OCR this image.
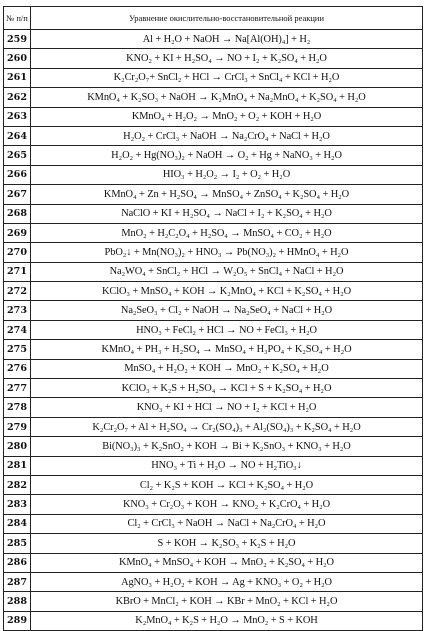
№ п/п	Уравнение окислительно-восстановительной реакции
259	Al + H₂O + NaOH → Na[Al(OH)₄] + H₂
260	KNO₂ + KI + H₂SO₄ → NO + I₂ + K₂SO₄ + H₂O
261	K₂Cr₂O₇+ SnCl₂ + HCl → CrCl₃ + SnCl₄ + KCl + H₂O
262	KMnO₄ + K₂SO₃ + NaOH → K₂MnO₄ + Na₂MnO₄ + K₂SO₄ + H₂O
263	KMnO₄ + H₂O₂ → MnO₂ + O₂ + KOH + H₂O
264	H₂O₂ + CrCl₃ + NaOH → Na₂CrO₄ + NaCl + H₂O
265	H₂O₂ + Hg(NO₃)₂ + NaOH → O₂ + Hg + NaNO₃ + H₂O
266	HIO₃ + H₂O₂ → I₂ + O₂ + H₂O
267	KMnO₄ + Zn + H₂SO₄ → MnSO₄ + ZnSO₄ + K₂SO₄ + H₂O
268	NaClO + KI + H₂SO₄ → NaCl + I₂ + K₂SO₄ + H₂O
269	MnO₂ + H₂C₂O₄ + H₂SO₄ → MnSO₄ + CO₂ + H₂O
270	PbO₂↓ + Mn(NO₃)₂ + HNO₃ → Pb(NO₃)₂ + HMnO₄ + H₂O
271	Na₂WO₄ + SnCl₂ + HCl → W₂O₅ + SnCl₄ + NaCl + H₂O
272	KClO₃ + MnSO₄ + KOH → K₂MnO₄ + KCl + K₂SO₄ + H₂O
273	Na₂SeO₃ + Cl₂ + NaOH → Na₂SeO₄ + NaCl + H₂O
274	HNO₃ + FeCl₂ + HCl → NO + FeCl₃ + H₂O
275	KMnO₄ + PH₃ + H₂SO₄ → MnSO₄ + H₃PO₄ + K₂SO₄ + H₂O
276	MnSO₄ + H₂O₂ + KOH → MnO₂ + K₂SO₄ + H₂O
277	KClO₃ + K₂S + H₂SO₄ → KCl + S + K₂SO₄ + H₂O
278	KNO₃ + KI + HCl → NO + I₂ + KCl + H₂O
279	K₂Cr₂O₇ + Al + H₂SO₄ → Cr₂(SO₄)₃ + Al₂(SO₄)₃ + K₂SO₄ + H₂O
280	Bi(NO₃)₃ + K₂SnO₂ + KOH → Bi + K₂SnO₃ + KNO₃ + H₂O
281	HNO₃ + Ti + H₂O → NO + H₂TiO₃↓
282	Cl₂ + K₂S + KOH → KCl + K₂SO₄ + H₂O
283	KNO₃ + Cr₂O₃ + KOH → KNO₂ + K₂CrO₄ + H₂O
284	Cl₂ + CrCl₃ + NaOH → NaCl + Na₂CrO₄ + H₂O
285	S + KOH → K₂SO₃ + K₂S + H₂O
286	KMnO₄ + MnSO₄ + KOH → MnO₂ + K₂SO₄ + H₂O
287	AgNO₃ + H₂O₂ + KOH → Ag + KNO₃ + O₂ + H₂O
288	KBrO + MnCl₂ + KOH → KBr + MnO₂ + KCl + H₂O
289	K₂MnO₄ + K₂S + H₂O → MnO₂ + S + KOH
